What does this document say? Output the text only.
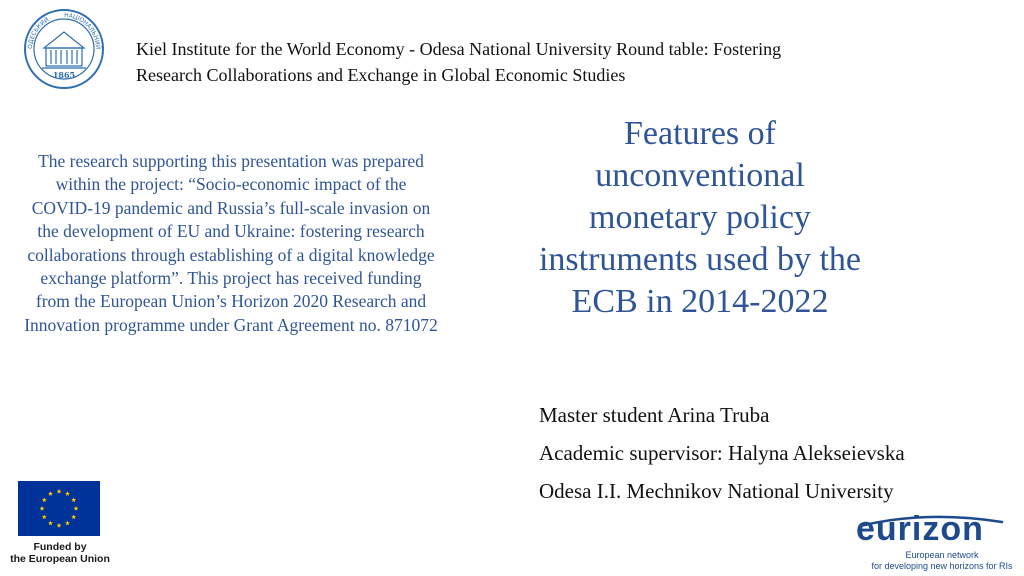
ОДЕСЬКИЙ
НАЦІОНАЛЬНИЙ
1865
Kiel Institute for the World Economy - Odesa National University Round table: Fostering
Research Collaborations and Exchange in Global Economic Studies
The research supporting this presentation was prepared within the project: “Socio-economic impact of the COVID-19 pandemic and Russia’s full-scale invasion on the development of EU and Ukraine: fostering research collaborations through establishing of a digital knowledge exchange platform”. This project has received funding from the European Union’s Horizon 2020 Research and Innovation programme under Grant Agreement no. 871072
Features of
unconventional
monetary policy
instruments used by the
ECB in 2014-2022
Master student Arina Truba
Academic supervisor: Halyna Alekseievska
Odesa I.I. Mechnikov National University
Funded by
the European Union
eurizon
European network
for developing new horizons for RIs
